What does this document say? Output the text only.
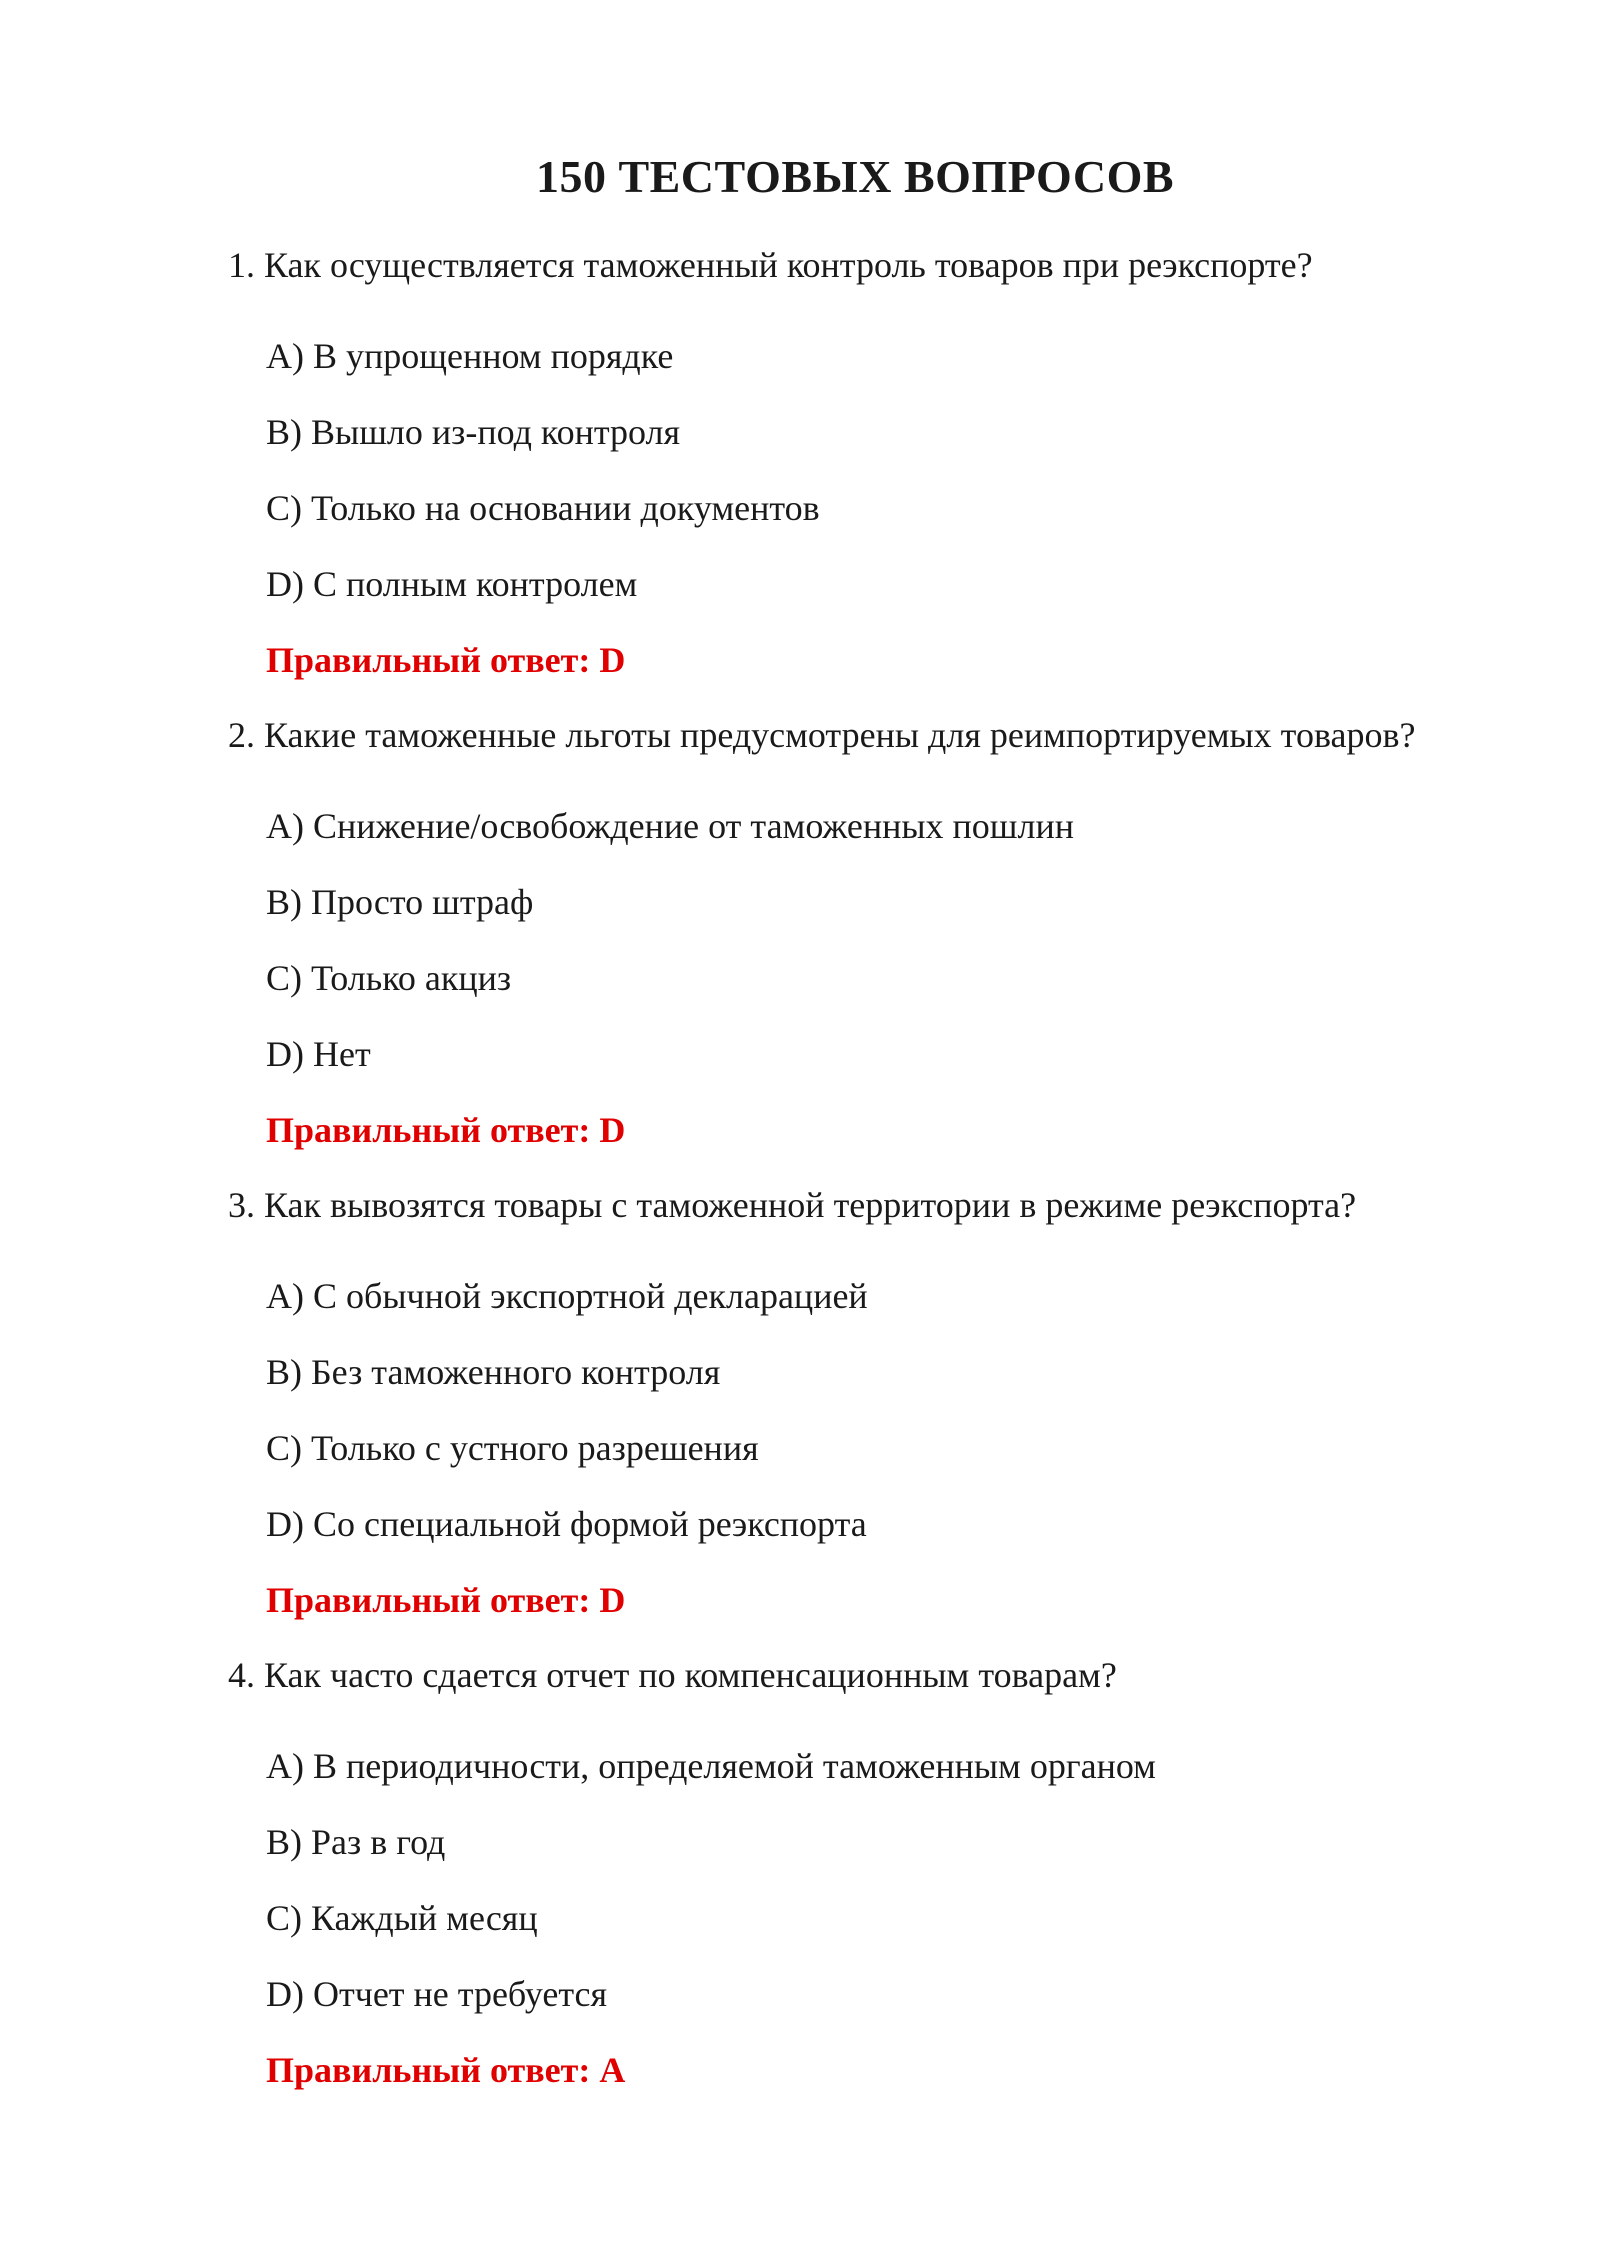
150 ТЕСТОВЫХ ВОПРОСОВ

1. Как осуществляется таможенный контроль товаров при реэкспорте?

A) В упрощенном порядке

B) Вышло из-под контроля

C) Только на основании документов

D) С полным контролем

Правильный ответ: D

2. Какие таможенные льготы предусмотрены для реимпортируемых товаров?

A) Снижение/освобождение от таможенных пошлин

B) Просто штраф

C) Только акциз

D) Нет

Правильный ответ: D

3. Как вывозятся товары с таможенной территории в режиме реэкспорта?

A) С обычной экспортной декларацией

B) Без таможенного контроля

C) Только с устного разрешения

D) Со специальной формой реэкспорта

Правильный ответ: D

4. Как часто сдается отчет по компенсационным товарам?

A) В периодичности, определяемой таможенным органом

B) Раз в год

C) Каждый месяц

D) Отчет не требуется

Правильный ответ: A
